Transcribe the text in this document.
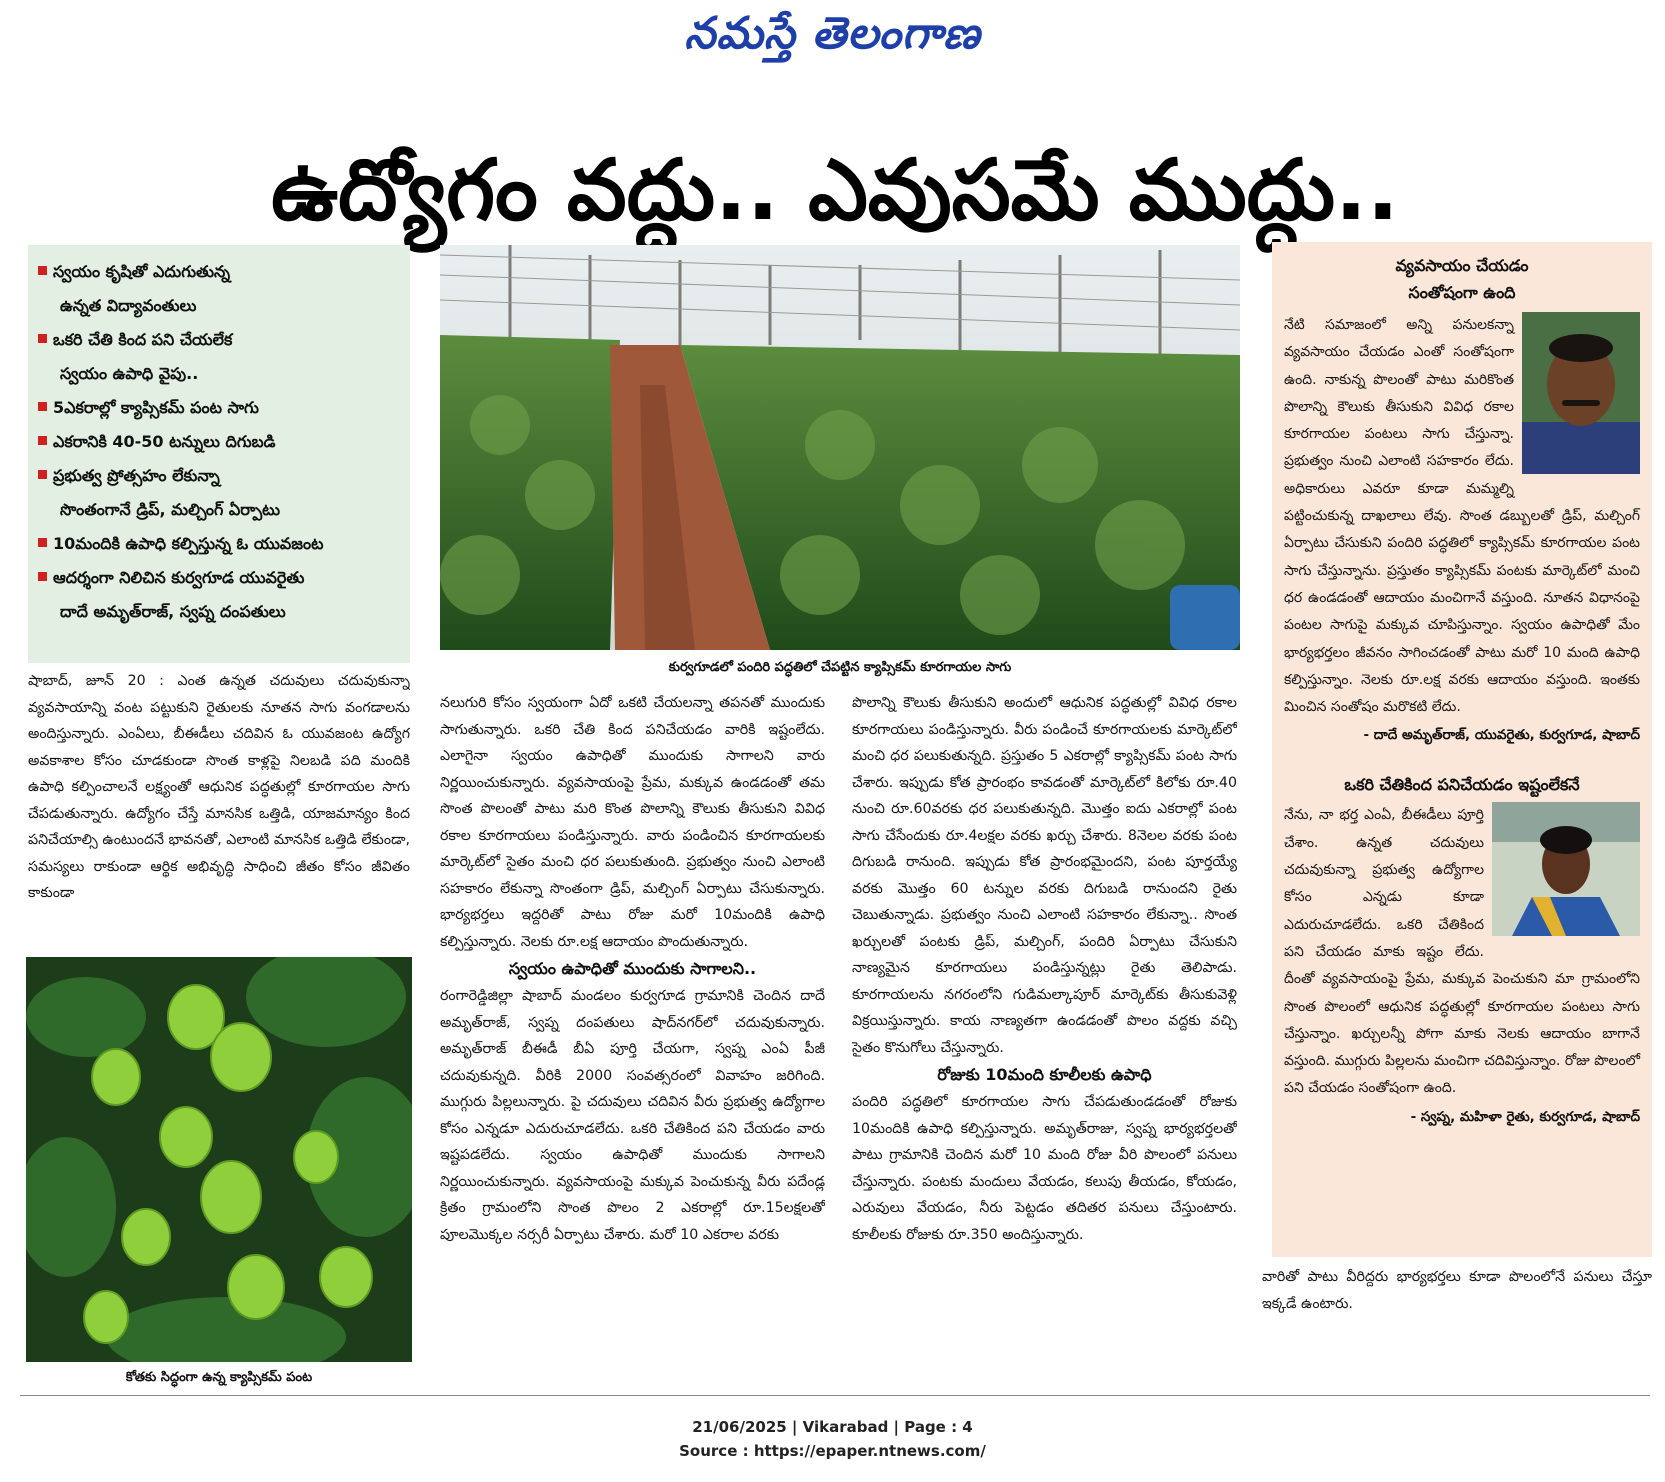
నమస్తే తెలంగాణ
ఉద్యోగం వద్దు.. ఎవుసమే ముద్దు..
స్వయం కృషితో ఎదుగుతున్న
ఉన్నత విద్యావంతులు
ఒకరి చేతి కింద పని చేయలేక
స్వయం ఉపాధి వైపు..
5ఎకరాల్లో క్యాప్సికమ్ పంట సాగు
ఎకరానికి 40-50 టన్నులు దిగుబడి
ప్రభుత్వ ప్రోత్సహం లేకున్నా
సొంతంగానే డ్రిప్, మల్చింగ్ ఏర్పాటు
10మందికి ఉపాధి కల్పిస్తున్న ఓ యువజంట
ఆదర్శంగా నిలిచిన కుర్వగూడ యువరైతు
దాదే అమృత్‌రాజ్, స్వప్న దంపతులు
కుర్వగూడలో పందిరి పద్ధతిలో చేపట్టిన క్యాప్సికమ్ కూరగాయల సాగు

షాబాద్, జూన్ 20 : ఎంత ఉన్నత చదువులు చదువుకున్నా వ్యవసాయాన్ని వంట పట్టుకుని రైతులకు నూతన సాగు వంగడాలను అందిస్తున్నారు. ఎంఏలు, బీఈడీలు చదివిన ఓ యువజంట ఉద్యోగ అవకాశాల కోసం చూడకుండా సొంత కాళ్లపై నిలబడి పది మందికి ఉపాధి కల్పించాలనే లక్ష్యంతో ఆధునిక పద్ధతుల్లో కూరగాయల సాగు చేపడుతున్నారు. ఉద్యోగం చేస్తే మానసిక ఒత్తిడి, యాజమాన్యం కింద పనిచేయాల్సి ఉంటుందనే భావనతో, ఎలాంటి మానసిక ఒత్తిడి లేకుండా, సమస్యలు రాకుండా ఆర్థిక అభివృద్ధి సాధించి జీతం కోసం జీవితం కాకుండా

కోతకు సిద్ధంగా ఉన్న క్యాప్సికమ్ పంట

నలుగురి కోసం స్వయంగా ఏదో ఒకటి చేయలన్నా తపనతో ముందుకు సాగుతున్నారు. ఒకరి చేతి కింద పనిచేయడం వారికి ఇష్టంలేదు. ఎలాగైనా స్వయం ఉపాధితో ముందుకు సాగాలని వారు నిర్ణయించుకున్నారు. వ్యవసాయంపై ప్రేమ, మక్కువ ఉండడంతో తమ సొంత పొలంతో పాటు మరి కొంత పొలాన్ని కౌలుకు తీసుకుని వివిధ రకాల కూరగాయలు పండిస్తున్నారు. వారు పండించిన కూరగాయలకు మార్కెట్‌లో సైతం మంచి ధర పలుకుతుంది. ప్రభుత్వం నుంచి ఎలాంటి సహకారం లేకున్నా సొంతంగా డ్రిప్, మల్చింగ్ ఏర్పాటు చేసుకున్నారు. భార్యభర్తలు ఇద్దరితో పాటు రోజు మరో 10మందికి ఉపాధి కల్పిస్తున్నారు. నెలకు రూ.లక్ష ఆదాయం పొందుతున్నారు.

స్వయం ఉపాధితో ముందుకు సాగాలని..

రంగారెడ్డిజిల్లా షాబాద్ మండలం కుర్వగూడ గ్రామానికి చెందిన దాదే అమృత్‌రాజ్, స్వప్న దంపతులు షాద్‌నగర్‌లో చదువుకున్నారు. అమృత్‌రాజ్ బీఈడీ బీఏ పూర్తి చేయగా, స్వప్న ఎంఏ పీజీ చదువుకున్నది. వీరికి 2000 సంవత్సరంలో వివాహం జరిగింది. ముగ్గురు పిల్లలున్నారు. పై చదువులు చదివిన వీరు ప్రభుత్వ ఉద్యోగాల కోసం ఎన్నడూ ఎదురుచూడలేదు. ఒకరి చేతికింద పని చేయడం వారు ఇష్టపడలేదు. స్వయం ఉపాధితో ముందుకు సాగాలని నిర్ణయించుకున్నారు. వ్యవసాయంపై మక్కువ పెంచుకున్న వీరు పదేండ్ల క్రితం గ్రామంలోని సొంత పొలం 2 ఎకరాల్లో రూ.15లక్షలతో పూలమొక్కల నర్సరీ ఏర్పాటు చేశారు. మరో 10 ఎకరాల వరకు

పొలాన్ని కౌలుకు తీసుకుని అందులో ఆధునిక పద్ధతుల్లో వివిధ రకాల కూరగాయలు పండిస్తున్నారు. వీరు పండించే కూరగాయలకు మార్కెట్‌లో మంచి ధర పలుకుతున్నది. ప్రస్తుతం 5 ఎకరాల్లో క్యాప్సికమ్ పంట సాగు చేశారు. ఇప్పుడు కోత ప్రారంభం కావడంతో మార్కెట్‌లో కిలోకు రూ.40 నుంచి రూ.60వరకు ధర పలుకుతున్నది. మొత్తం ఐదు ఎకరాల్లో పంట సాగు చేసేందుకు రూ.4లక్షల వరకు ఖర్చు చేశారు. 8నెలల వరకు పంట దిగుబడి రానుంది. ఇప్పుడు కోత ప్రారంభమైందని, పంట పూర్తయ్యే వరకు మొత్తం 60 టన్నుల వరకు దిగుబడి రానుందని రైతు చెబుతున్నాడు. ప్రభుత్వం నుంచి ఎలాంటి సహకారం లేకున్నా.. సొంత ఖర్చులతో పంటకు డ్రిప్, మల్చింగ్, పందిరి ఏర్పాటు చేసుకుని నాణ్యమైన కూరగాయలు పండిస్తున్నట్లు రైతు తెలిపాడు. కూరగాయలను నగరంలోని గుడిమల్కాపూర్ మార్కెట్‌కు తీసుకువెళ్లి విక్రయిస్తున్నారు. కాయ నాణ్యతగా ఉండడంతో పొలం వద్దకు వచ్చి సైతం కొనుగోలు చేస్తున్నారు.

రోజుకు 10మంది కూలీలకు ఉపాధి

పందిరి పద్ధతిలో కూరగాయల సాగు చేపడుతుండడంతో రోజుకు 10మందికి ఉపాధి కల్పిస్తున్నారు. అమృత్‌రాజు, స్వప్న భార్యభర్తలతో పాటు గ్రామానికి చెందిన మరో 10 మంది రోజు వీరి పొలంలో పనులు చేస్తున్నారు. పంటకు మందులు వేయడం, కలుపు తీయడం, కోయడం, ఎరువులు వేయడం, నీరు పెట్టడం తదితర పనులు చేస్తుంటారు. కూలీలకు రోజుకు రూ.350 అందిస్తున్నారు.

వ్యవసాయం చేయడం
సంతోషంగా ఉంది
నేటి సమాజంలో అన్ని పనులకన్నా వ్యవసాయం చేయడం ఎంతో సంతోషంగా ఉంది. నాకున్న పొలంతో పాటు మరికొంత పొలాన్ని కౌలుకు తీసుకుని వివిధ రకాల కూరగాయల పంటలు సాగు చేస్తున్నా. ప్రభుత్వం నుంచి ఎలాంటి సహకారం లేదు. అధికారులు ఎవరూ కూడా మమ్మల్ని పట్టించుకున్న దాఖలాలు లేవు. సొంత డబ్బులతో డ్రిప్, మల్చింగ్ ఏర్పాటు చేసుకుని పందిరి పద్ధతిలో క్యాప్సికమ్ కూరగాయల పంట సాగు చేస్తున్నాను. ప్రస్తుతం క్యాప్సికమ్ పంటకు మార్కెట్‌లో మంచి ధర ఉండడంతో ఆదాయం మంచిగానే వస్తుంది. నూతన విధానంపై పంటల సాగుపై మక్కువ చూపిస్తున్నాం. స్వయం ఉపాధితో మేం భార్యభర్తలం జీవనం సాగించడంతో పాటు మరో 10 మంది ఉపాధి కల్పిస్తున్నాం. నెలకు రూ.లక్ష వరకు ఆదాయం వస్తుంది. ఇంతకు మించిన సంతోషం మరొకటి లేదు.
- దాదే అమృత్‌రాజ్, యువరైతు, కుర్వగూడ, షాబాద్
ఒకరి చేతికింద పనిచేయడం ఇష్టంలేకనే
నేను, నా భర్త ఎంఏ, బీఈడీలు పూర్తి చేశాం. ఉన్నత చదువులు చదువుకున్నా ప్రభుత్వ ఉద్యోగాల కోసం ఎన్నడు కూడా ఎదురుచూడలేదు. ఒకరి చేతికింద పని చేయడం మాకు ఇష్టం లేదు. దీంతో వ్యవసాయంపై ప్రేమ, మక్కువ పెంచుకుని మా గ్రామంలోని సొంత పొలంలో ఆధునిక పద్ధతుల్లో కూరగాయల పంటలు సాగు చేస్తున్నాం. ఖర్చులన్నీ పోగా మాకు నెలకు ఆదాయం బాగానే వస్తుంది. ముగ్గురు పిల్లలను మంచిగా చదివిస్తున్నాం. రోజు పొలంలో పని చేయడం సంతోషంగా ఉంది.
- స్వప్న, మహిళా రైతు, కుర్వగూడ, షాబాద్

వారితో పాటు వీరిద్దరు భార్యభర్తలు కూడా పొలంలోనే పనులు చేస్తూ ఇక్కడే ఉంటారు.

21/06/2025 | Vikarabad | Page : 4
Source : https://epaper.ntnews.com/
